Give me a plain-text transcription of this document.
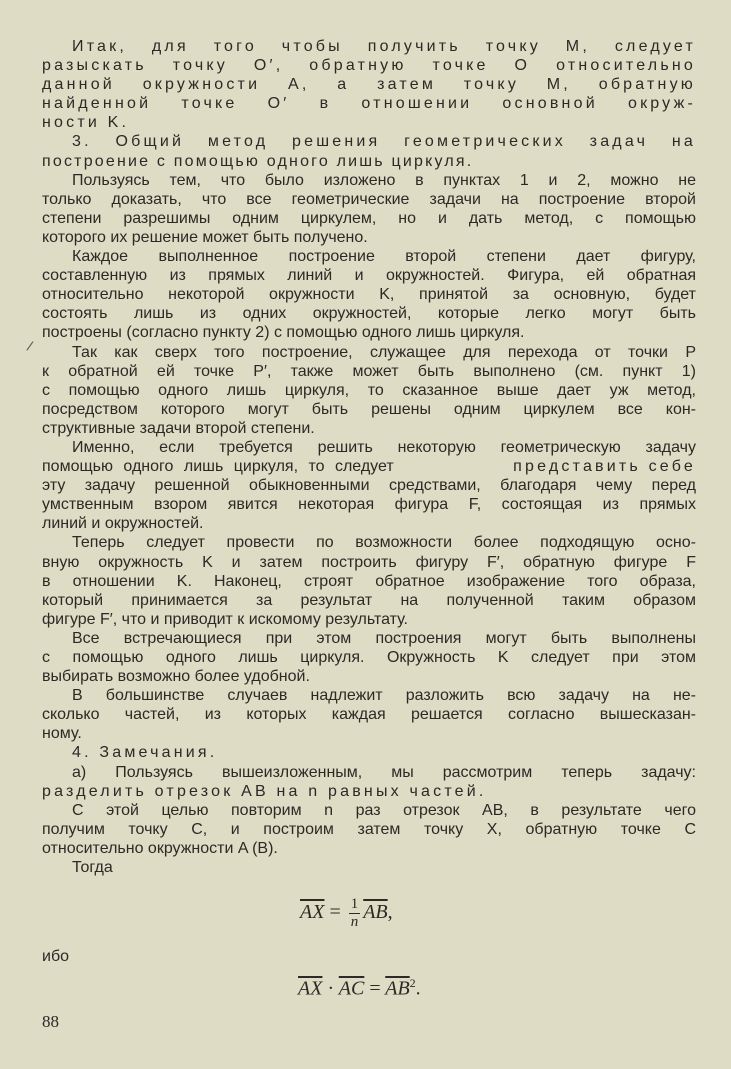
Итак, для того чтобы получить точку M, следует
разыскать точку O′, обратную точке O относительно
данной окружности A, а затем точку M, обратную
найденной точке O′ в отношении основной окруж-
ности K.
3. Общий метод решения геометрических задач на
построение с помощью одного лишь циркуля.
Пользуясь тем, что было изложено в пунктах 1 и 2, можно не
только доказать, что все геометрические задачи на построение второй
степени разрешимы одним циркулем, но и дать метод, с помощью
которого их решение может быть получено.
Каждое выполненное построение второй степени дает фигуру,
составленную из прямых линий и окружностей. Фигура, ей обратная
относительно некоторой окружности K, принятой за основную, будет
состоять лишь из одних окружностей, которые легко могут быть
построены (согласно пункту 2) с помощью одного лишь циркуля.
Так как сверх того построение, служащее для перехода от точки P
к обратной ей точке P′, также может быть выполнено (см. пункт 1)
с помощью одного лишь циркуля, то сказанное выше дает уж метод,
посредством которого могут быть решены одним циркулем все кон-
структивные задачи второй степени.
Именно, если требуется решить некоторую геометрическую задачу
помощью одного лишь циркуля, то следует	представить себе
эту задачу решенной обыкновенными средствами, благодаря чему перед
умственным взором явится некоторая фигура F, состоящая из прямых
линий и окружностей.
Теперь следует провести по возможности более подходящую осно-
вную окружность K и затем построить фигуру F′, обратную фигуре F
в отношении K. Наконец, строят обратное изображение того образа,
который принимается за результат на полученной таким образом
фигуре F′, что и приводит к искомому результату.
Все встречающиеся при этом построения могут быть выполнены
с помощью одного лишь циркуля. Окружность K следует при этом
выбирать возможно более удобной.
В большинстве случаев надлежит разложить всю задачу на не-
сколько частей, из которых каждая решается согласно вышесказан-
ному.
4. Замечания.
а) Пользуясь вышеизложенным, мы рассмотрим теперь задачу:
разделить отрезок AB на n равных частей.
С этой целью повторим n раз отрезок AB, в результате чего
получим точку C, и построим затем точку X, обратную точке C
относительно окружности A (B).
Тогда
$\overline{AX} = \frac{1}{n} \overline{AB}$,
ибо
$\overline{AX} \cdot \overline{AC} = \overline{AB}^2$.
88
/
